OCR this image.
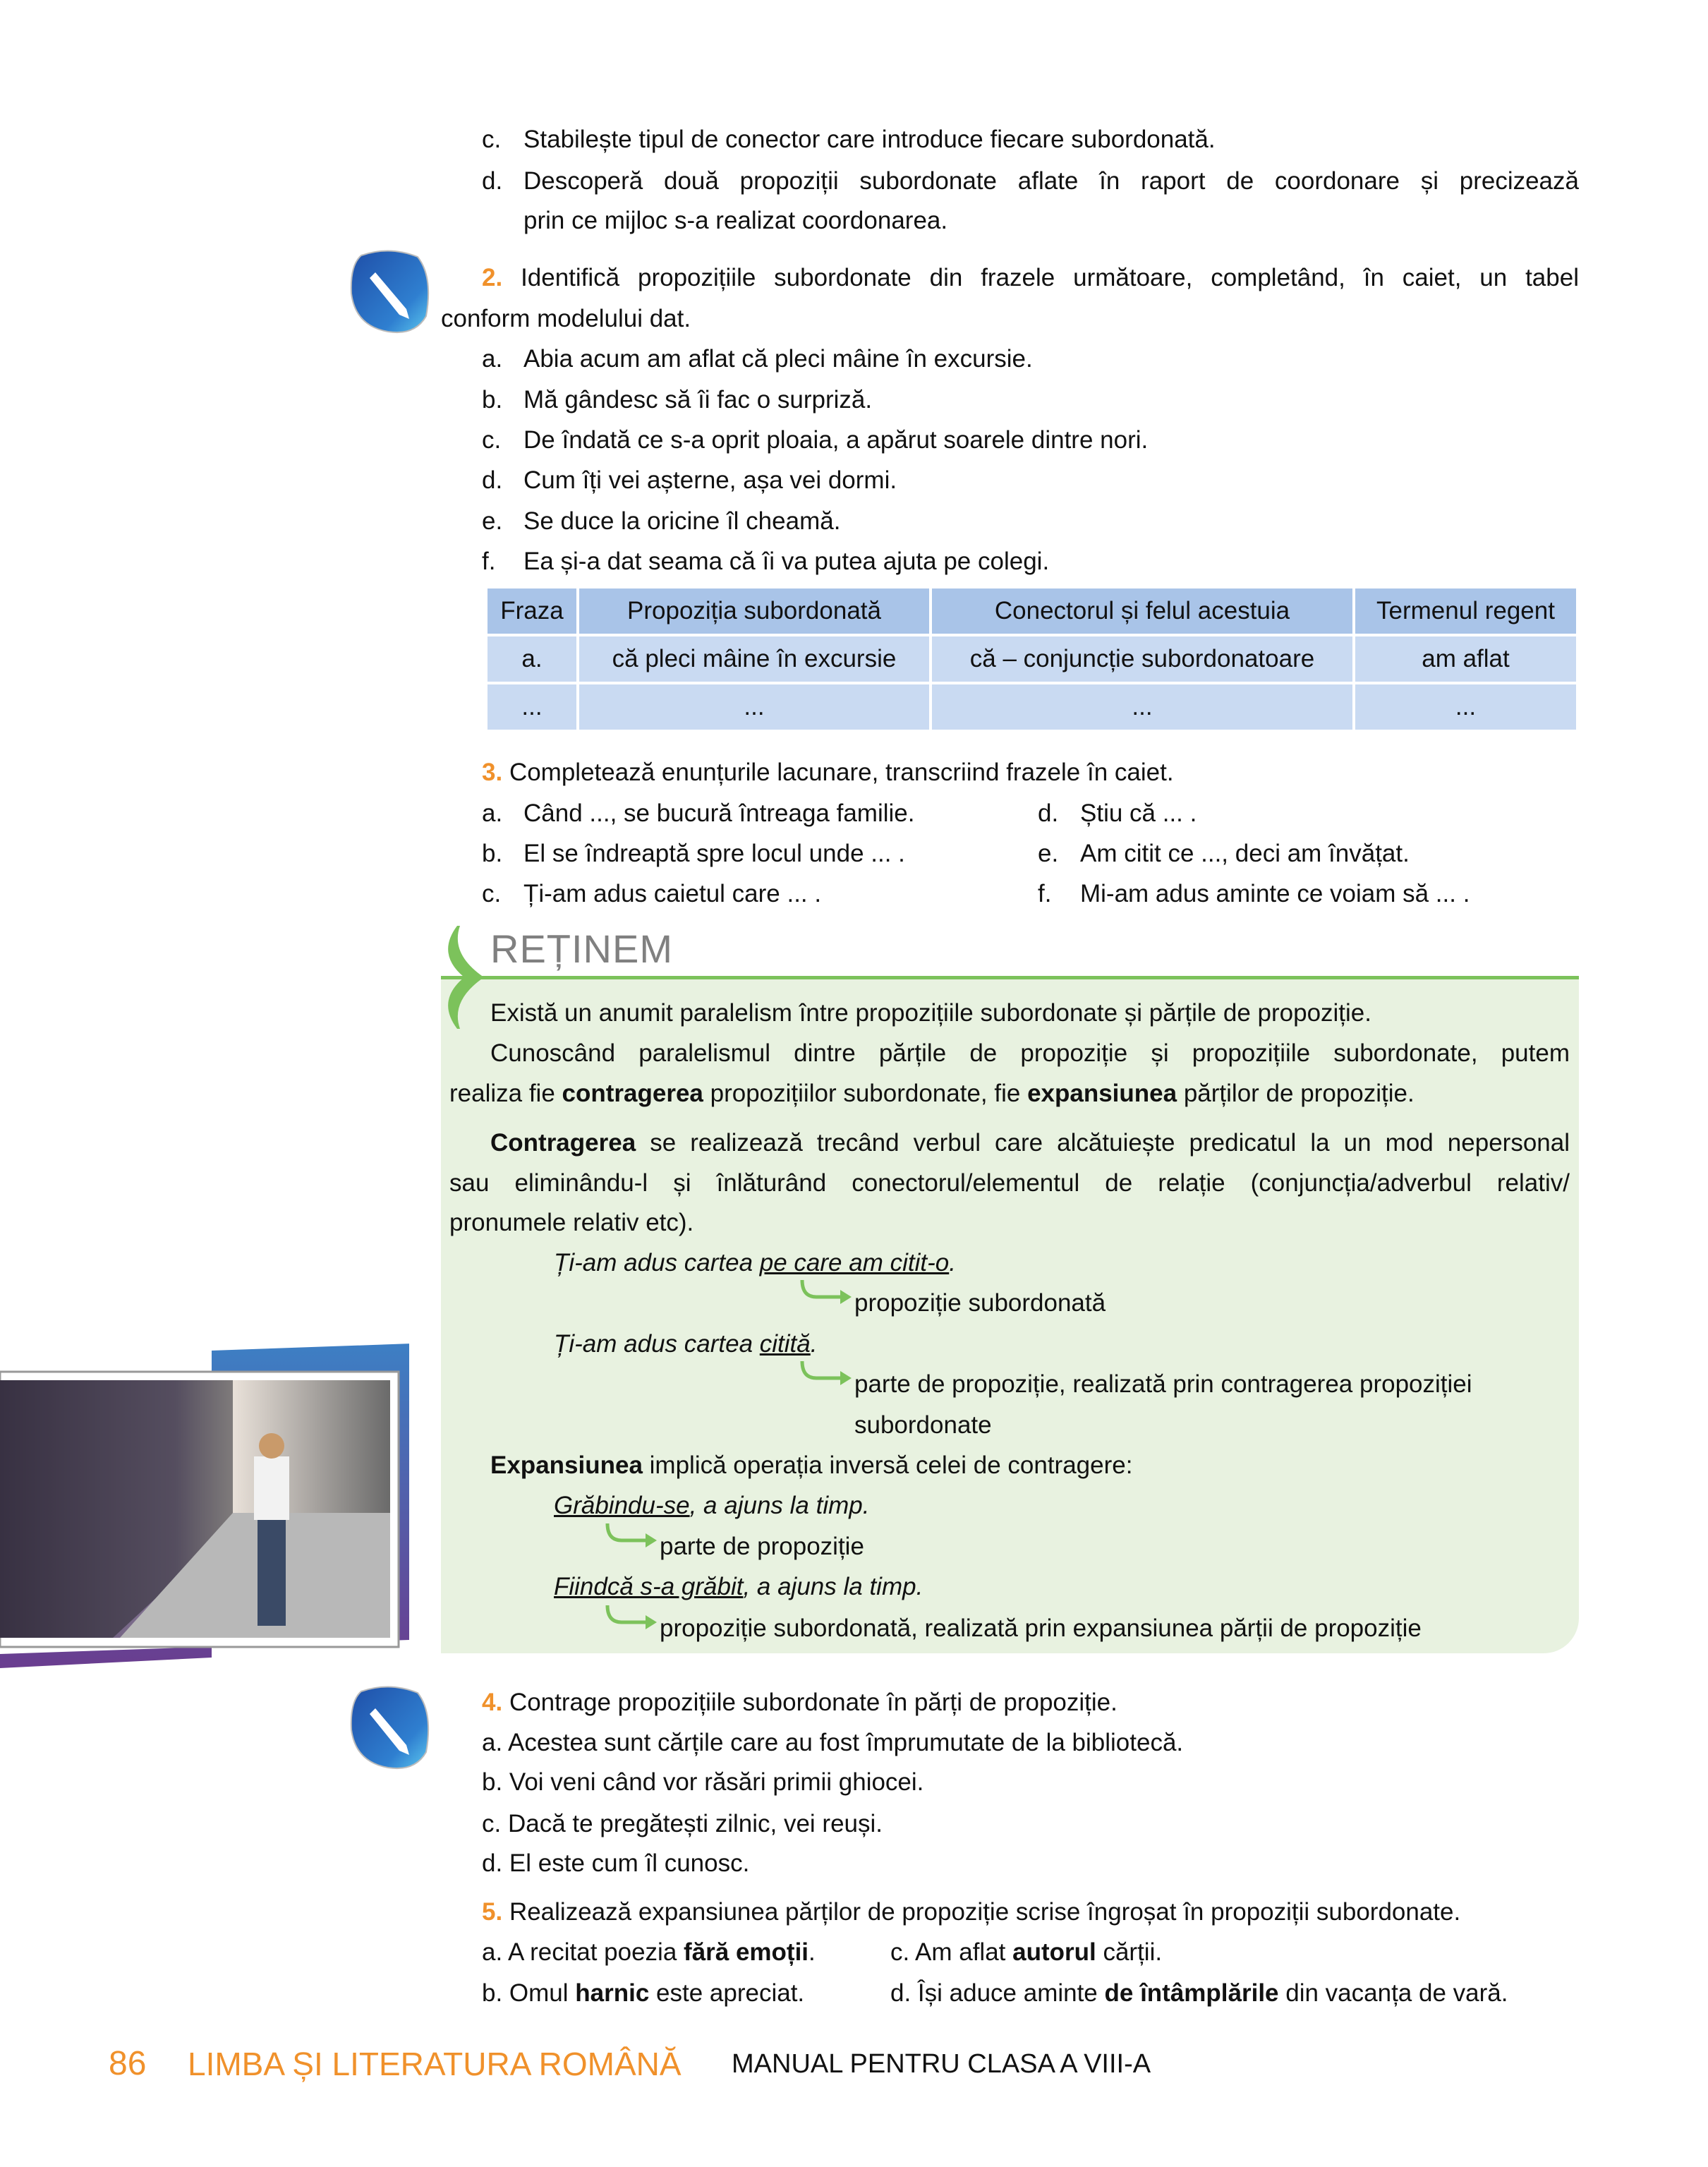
c. Stabilește tipul de conector care introduce fiecare subordonată.
d. Descoperă două propoziții subordonate aflate în raport de coordonare și precizează
prin ce mijloc s-a realizat coordonarea.
2. Identifică propozițiile subordonate din frazele următoare, completând, în caiet, un tabel
conform modelului dat.
a. Abia acum am aflat că pleci mâine în excursie.
b. Mă gândesc să îi fac o surpriză.
c. De îndată ce s-a oprit ploaia, a apărut soarele dintre nori.
d. Cum îți vei așterne, așa vei dormi.
e. Se duce la oricine îl cheamă.
f. Ea și-a dat seama că îi va putea ajuta pe colegi.
Fraza	Propoziția subordonată	Conectorul și felul acestuia	Termenul regent
a.	că pleci mâine în excursie	că – conjuncție subordonatoare	am aflat
...	...	...	...
3. Completează enunțurile lacunare, transcriind frazele în caiet.
a. Când ..., se bucură întreaga familie.
b. El se îndreaptă spre locul unde ... .
c. Ți-am adus caietul care ... .
d. Știu că ... .
e. Am citit ce ..., deci am învățat.
f. Mi-am adus aminte ce voiam să ... .
REȚINEM
Există un anumit paralelism între propozițiile subordonate și părțile de propoziție.
Cunoscând paralelismul dintre părțile de propoziție și propozițiile subordonate, putem
realiza fie contragerea propozițiilor subordonate, fie expansiunea părților de propoziție.
Contragerea se realizează trecând verbul care alcătuiește predicatul la un mod nepersonal
sau eliminându-l și înlăturând conectorul/elementul de relație (conjuncția/adverbul relativ/
pronumele relativ etc).
Ți-am adus cartea pe care am citit-o.
propoziție subordonată
Ți-am adus cartea citită.
parte de propoziție, realizată prin contragerea propoziției
subordonate
Expansiunea implică operația inversă celei de contragere:
Grăbindu-se, a ajuns la timp.
parte de propoziție
Fiindcă s-a grăbit, a ajuns la timp.
propoziție subordonată, realizată prin expansiunea părții de propoziție
4. Contrage propozițiile subordonate în părți de propoziție.
a. Acestea sunt cărțile care au fost împrumutate de la bibliotecă.
b. Voi veni când vor răsări primii ghiocei.
c. Dacă te pregătești zilnic, vei reuși.
d. El este cum îl cunosc.
5. Realizează expansiunea părților de propoziție scrise îngroșat în propoziții subordonate.
a. A recitat poezia fără emoții.
b. Omul harnic este apreciat.
c. Am aflat autorul cărții.
d. Își aduce aminte de întâmplările din vacanța de vară.
86 LIMBA ȘI LITERATURA ROMÂNĂ MANUAL PENTRU CLASA A VIII-A
